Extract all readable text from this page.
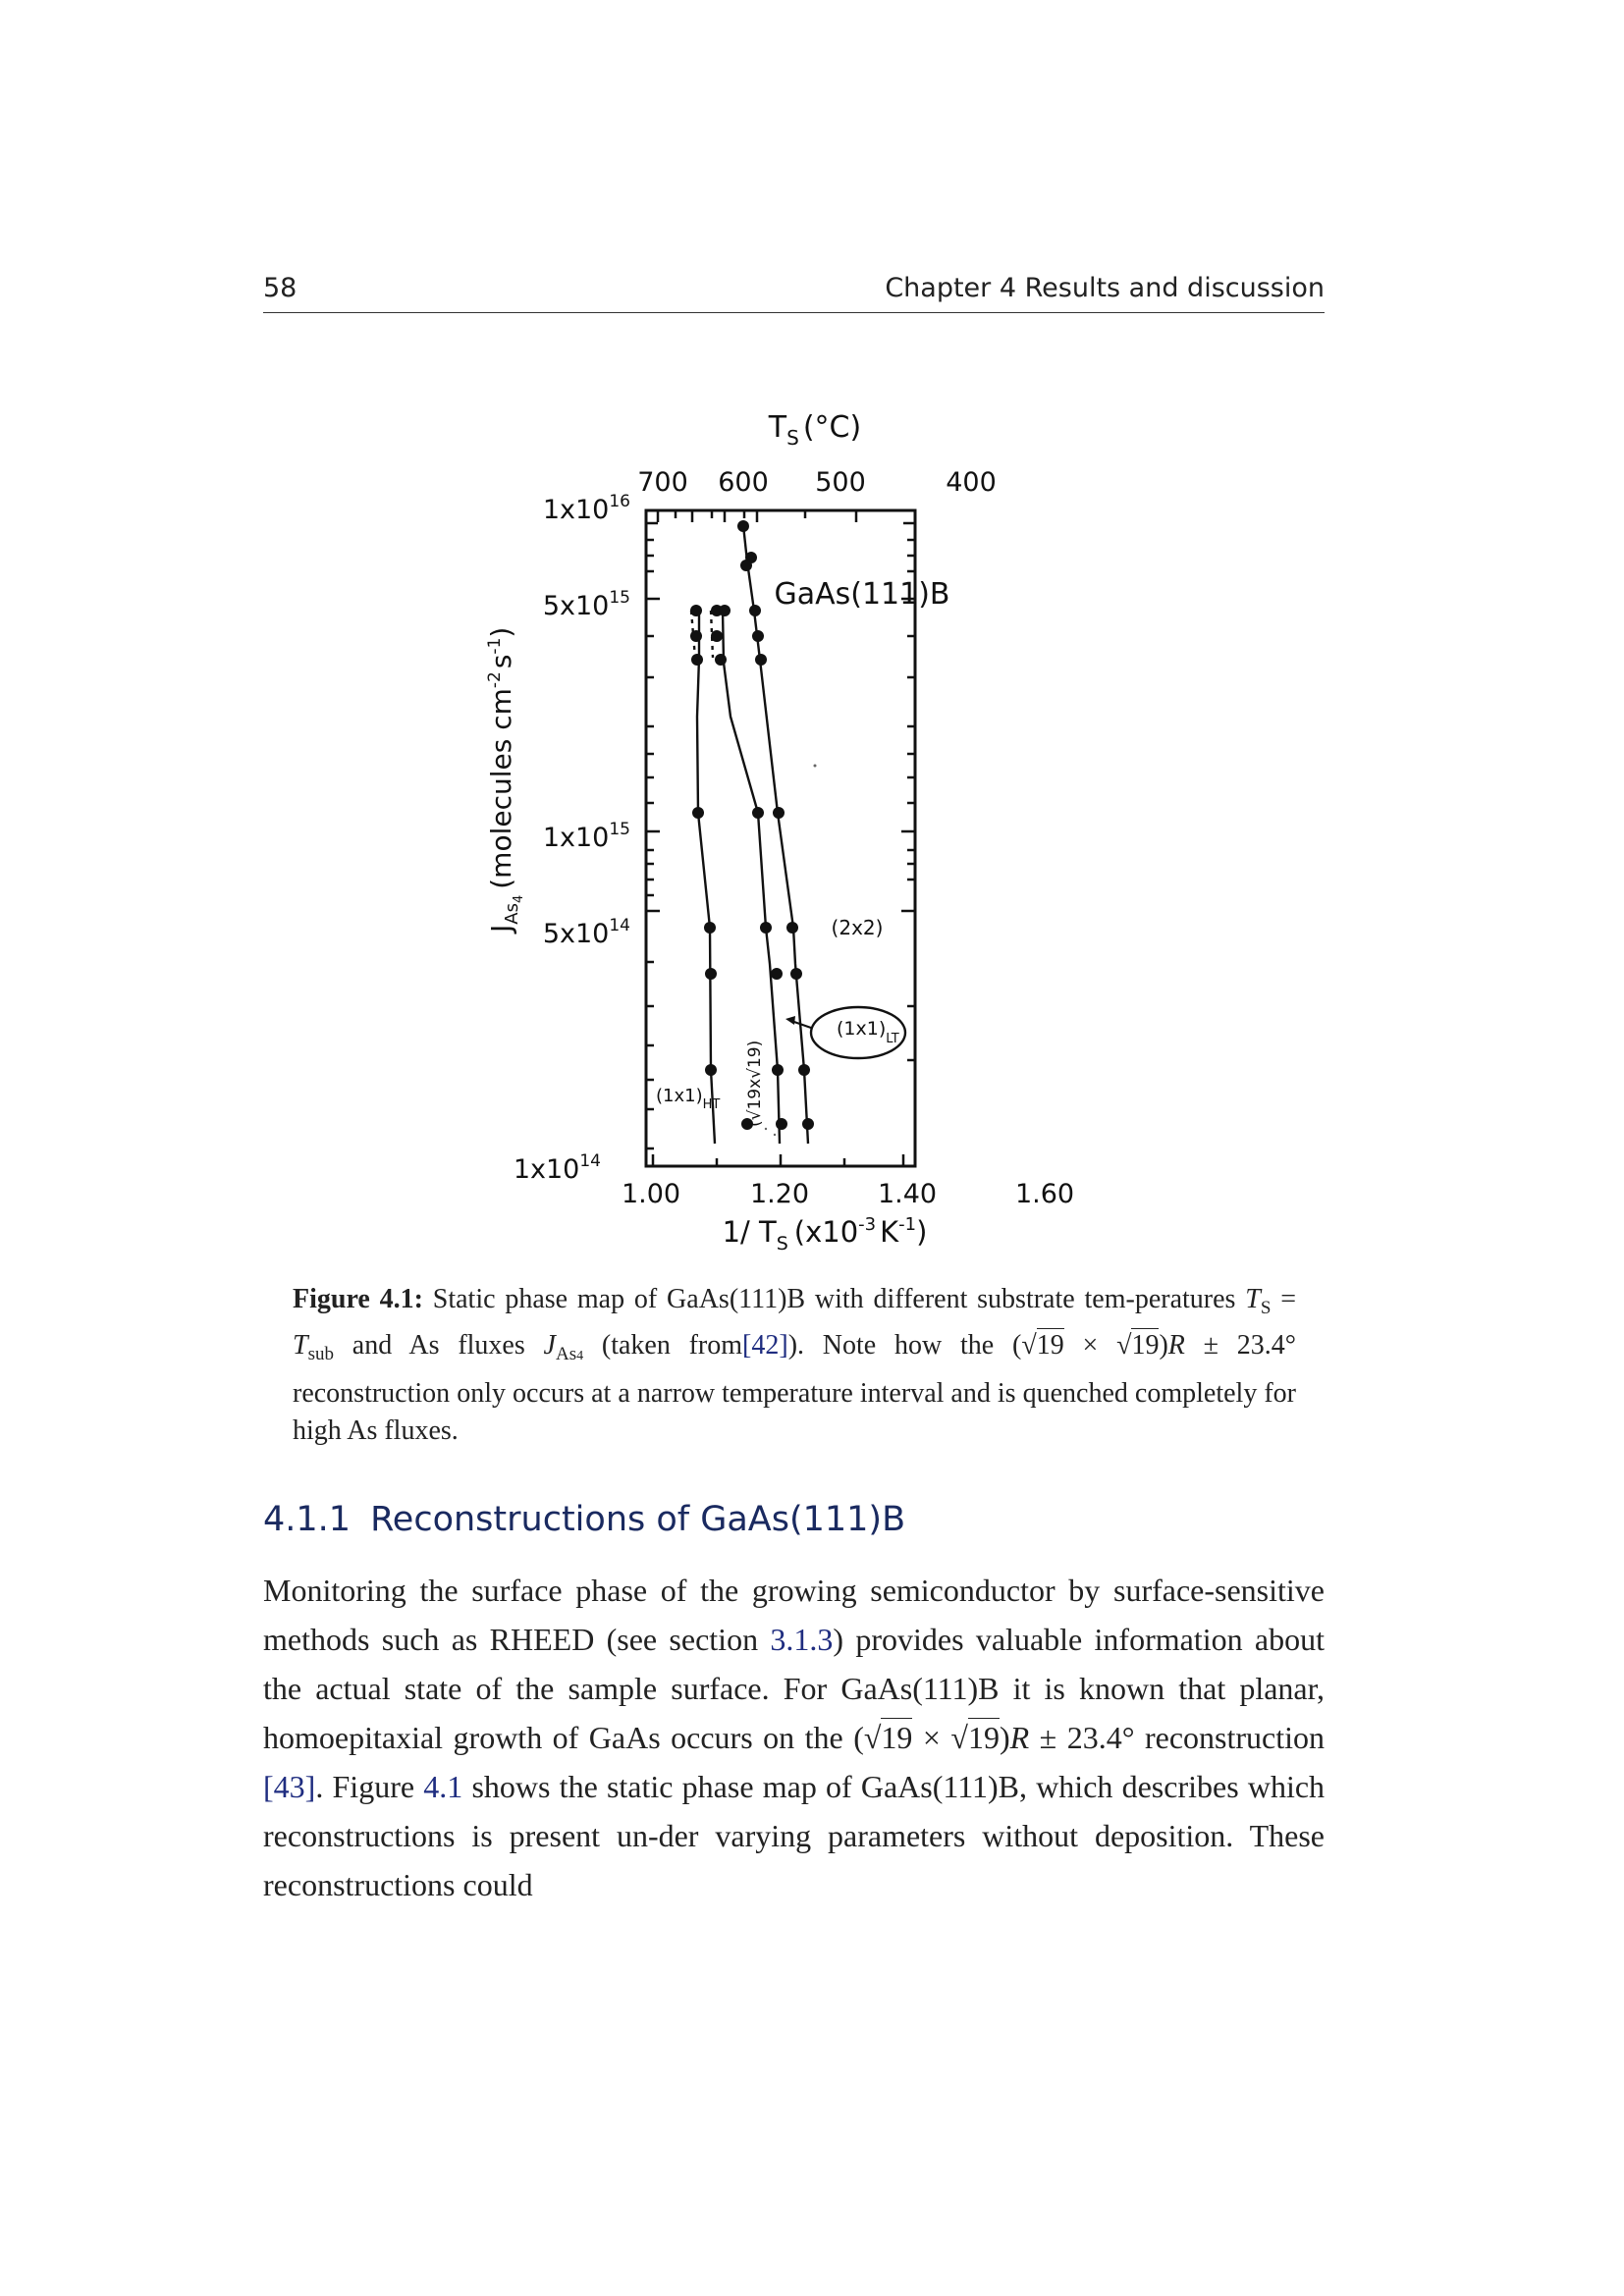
58	Chapter 4 Results and discussion
$T_S$ (°C)
700 600 500	400
$1x10^{16}$
$5x10^{15}$
$1x10^{15}$
$5x10^{14}$
$1x10^{14}$
$J_{As}4(molecules$ $cm^{-2}s^{-1}$)
1.00	1.20	1.40	1.60
1/ $T_S$ ($x10^{-3}$ $K^{-1}$)
GaAs(111)B
(2x2)
$(1x1)_{LT}$
$(1x1)_{HT}$ (√19x√19)
Figure 4.1: Static phase map of GaAs(111)B with different substrate tem-peratures $T_S = T_{sub}$ and As fluxes $J_{As4}$ (taken from[42]). Note how the (√19 × √19)R ± 23.4° reconstruction only occurs at a narrow temperature interval and is quenched completely for high As fluxes.
4.1.1 Reconstructions of GaAs(111)B
Monitoring the surface phase of the growing semiconductor by surface-sensitive methods such as RHEED (see section 3.1.3) provides valuable information about the actual state of the sample surface. For GaAs(111)B it is known that planar, homoepitaxial growth of GaAs occurs on the (√19 × √19)R ± 23.4° reconstruction [43]. Figure 4.1 shows the static phase map of GaAs(111)B, which describes which reconstructions is present un-der varying parameters without deposition. These reconstructions could
